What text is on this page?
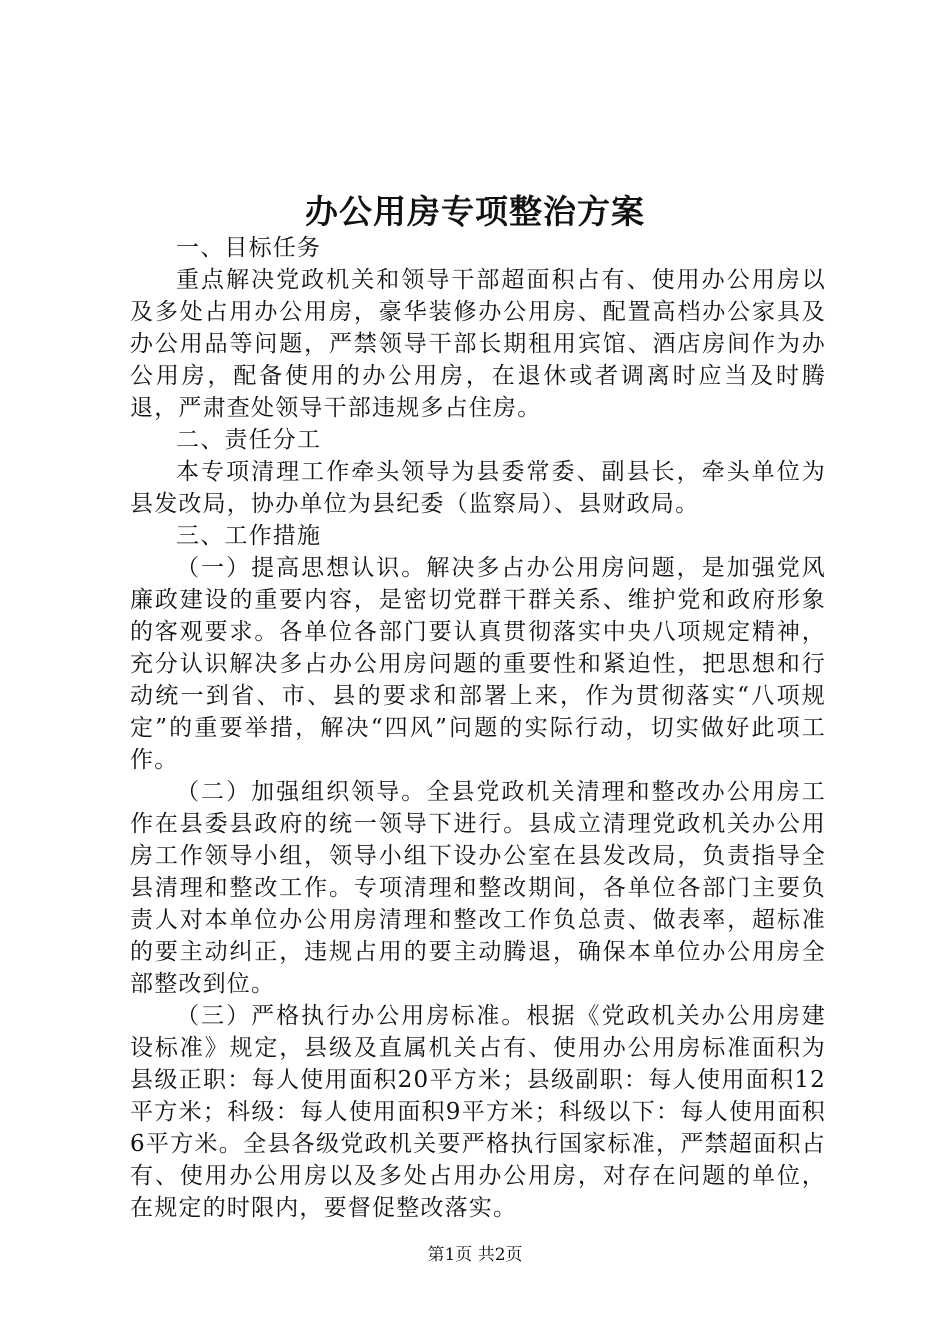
办公用房专项整治方案

一、目标任务

重点解决党政机关和领导干部超面积占有、使用办公用房以及多处占用办公用房，豪华装修办公用房、配置高档办公家具及办公用品等问题，严禁领导干部长期租用宾馆、酒店房间作为办公用房，配备使用的办公用房，在退休或者调离时应当及时腾退，严肃查处领导干部违规多占住房。

二、责任分工

本专项清理工作牵头领导为县委常委、副县长，牵头单位为县发改局，协办单位为县纪委（监察局）、县财政局。

三、工作措施

（一）提高思想认识。解决多占办公用房问题，是加强党风廉政建设的重要内容，是密切党群干群关系、维护党和政府形象的客观要求。各单位各部门要认真贯彻落实中央八项规定精神，充分认识解决多占办公用房问题的重要性和紧迫性，把思想和行动统一到省、市、县的要求和部署上来，作为贯彻落实“八项规定”的重要举措，解决“四风”问题的实际行动，切实做好此项工作。

（二）加强组织领导。全县党政机关清理和整改办公用房工作在县委县政府的统一领导下进行。县成立清理党政机关办公用房工作领导小组，领导小组下设办公室在县发改局，负责指导全县清理和整改工作。专项清理和整改期间，各单位各部门主要负责人对本单位办公用房清理和整改工作负总责、做表率，超标准的要主动纠正，违规占用的要主动腾退，确保本单位办公用房全部整改到位。

（三）严格执行办公用房标准。根据《党政机关办公用房建设标准》规定，县级及直属机关占有、使用办公用房标准面积为县级正职：每人使用面积20平方米；县级副职：每人使用面积12平方米；科级：每人使用面积9平方米；科级以下：每人使用面积6平方米。全县各级党政机关要严格执行国家标准，严禁超面积占有、使用办公用房以及多处占用办公用房，对存在问题的单位，在规定的时限内，要督促整改落实。

第1页 共2页
